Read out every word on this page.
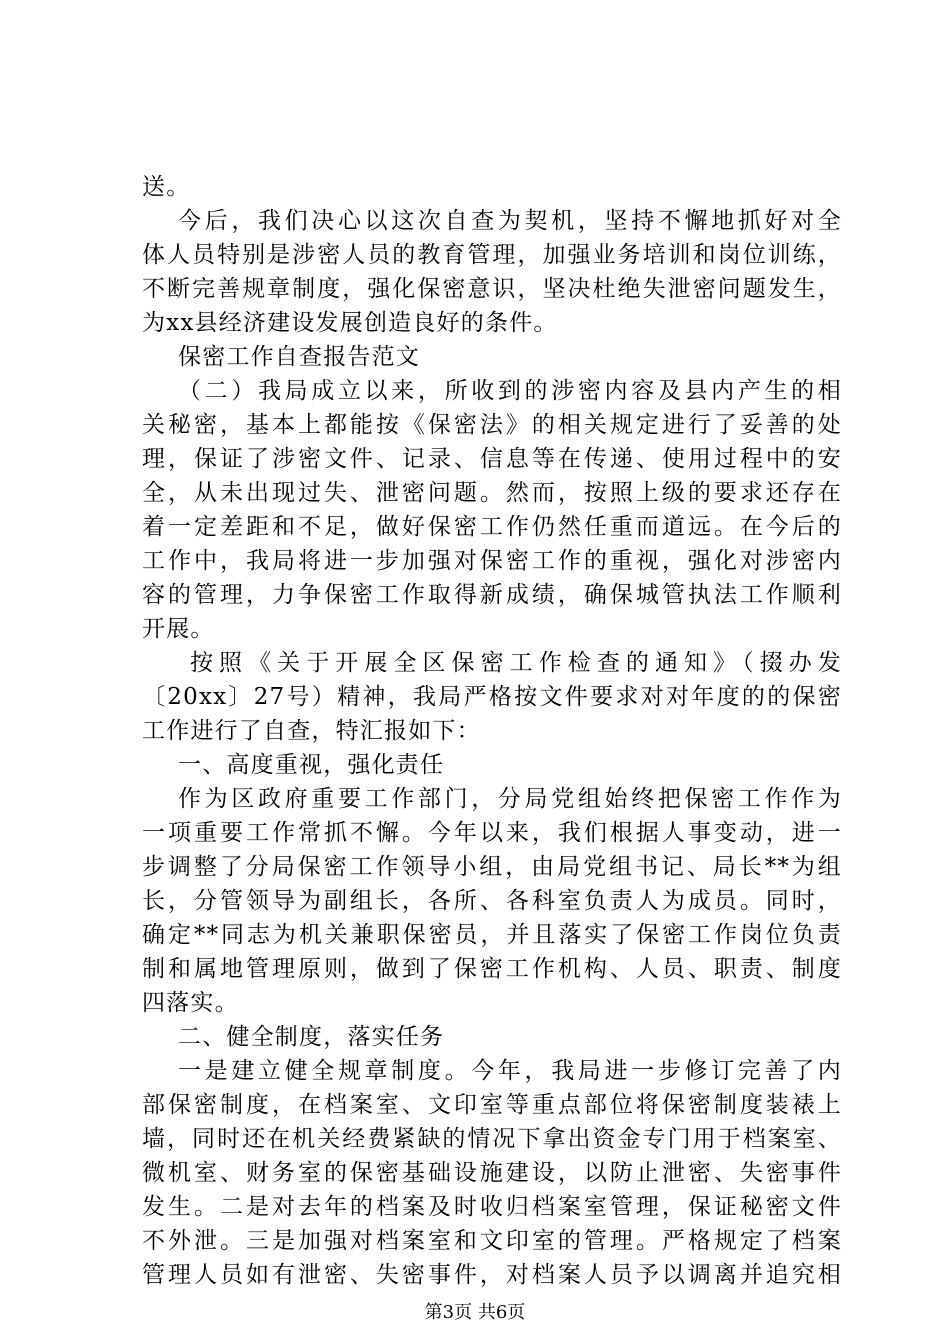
送。
今后，我们决心以这次自查为契机，坚持不懈地抓好对全
体人员特别是涉密人员的教育管理，加强业务培训和岗位训练，
不断完善规章制度，强化保密意识，坚决杜绝失泄密问题发生，
为xx县经济建设发展创造良好的条件。
保密工作自查报告范文
（二）我局成立以来，所收到的涉密内容及县内产生的相
关秘密，基本上都能按《保密法》的相关规定进行了妥善的处
理，保证了涉密文件、记录、信息等在传递、使用过程中的安
全，从未出现过失、泄密问题。然而，按照上级的要求还存在
着一定差距和不足，做好保密工作仍然任重而道远。在今后的
工作中，我局将进一步加强对保密工作的重视，强化对涉密内
容的管理，力争保密工作取得新成绩，确保城管执法工作顺利
开展。
按照《关于开展全区保密工作检查的通知》（掇办发
〔20xx〕27号）精神，我局严格按文件要求对对年度的的保密
工作进行了自查，特汇报如下：
一、高度重视，强化责任
作为区政府重要工作部门，分局党组始终把保密工作作为
一项重要工作常抓不懈。今年以来，我们根据人事变动，进一
步调整了分局保密工作领导小组，由局党组书记、局长**为组
长，分管领导为副组长，各所、各科室负责人为成员。同时，
确定**同志为机关兼职保密员，并且落实了保密工作岗位负责
制和属地管理原则，做到了保密工作机构、人员、职责、制度
四落实。
二、健全制度，落实任务
一是建立健全规章制度。今年，我局进一步修订完善了内
部保密制度，在档案室、文印室等重点部位将保密制度装裱上
墙，同时还在机关经费紧缺的情况下拿出资金专门用于档案室、
微机室、财务室的保密基础设施建设，以防止泄密、失密事件
发生。二是对去年的档案及时收归档案室管理，保证秘密文件
不外泄。三是加强对档案室和文印室的管理。严格规定了档案
管理人员如有泄密、失密事件，对档案人员予以调离并追究相
第3页 共6页
